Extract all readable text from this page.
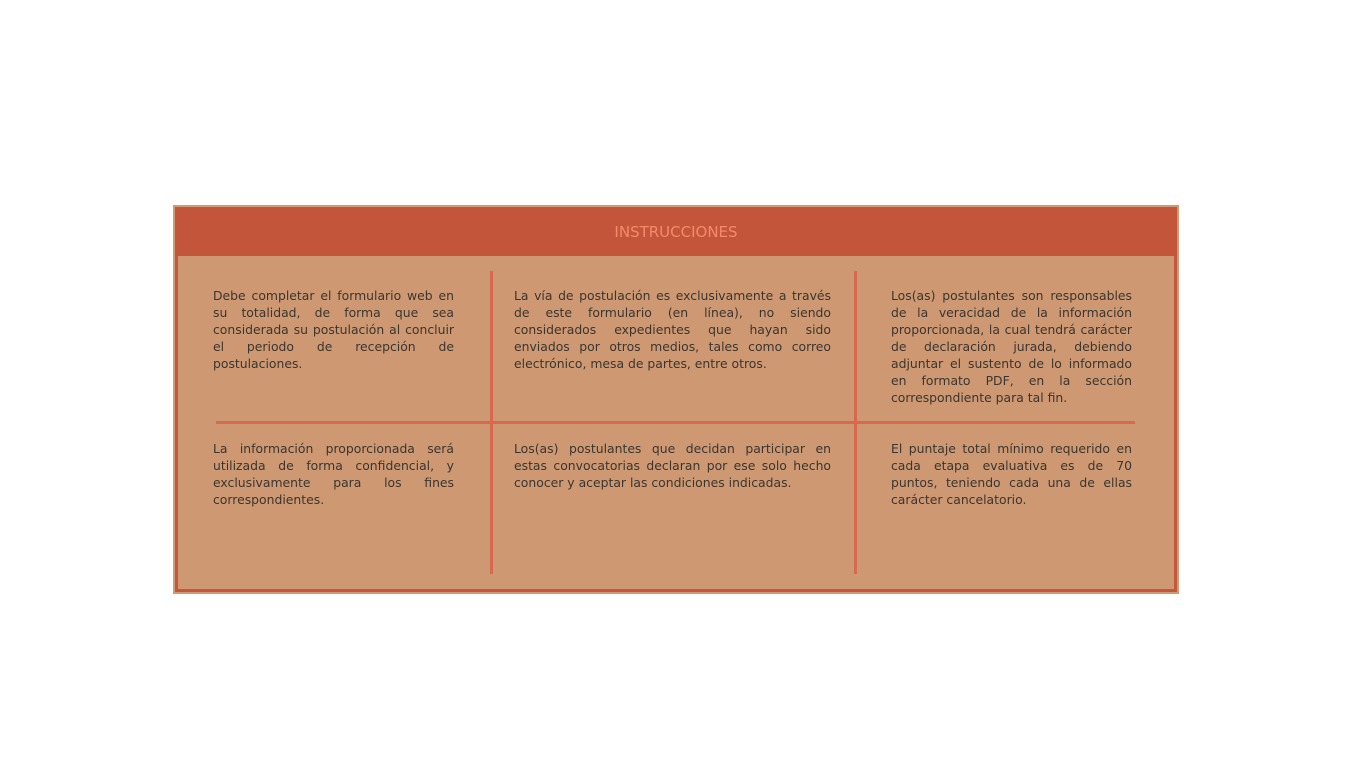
INSTRUCCIONES
Debe completar el formulario web en su totalidad, de forma que sea considerada su postulación al concluir el periodo de recepción de postulaciones.
La vía de postulación es exclusivamente a través de este formulario (en línea), no siendo considerados expedientes que hayan sido enviados por otros medios, tales como correo electrónico, mesa de partes, entre otros.
Los(as) postulantes son responsables de la veracidad de la información proporcionada, la cual tendrá carácter de declaración jurada, debiendo adjuntar el sustento de lo informado en formato PDF, en la sección correspondiente para tal fin.
La información proporcionada será utilizada de forma confidencial, y exclusivamente para los fines correspondientes.
Los(as) postulantes que decidan participar en estas convocatorias declaran por ese solo hecho conocer y aceptar las condiciones indicadas.
El puntaje total mínimo requerido en cada etapa evaluativa es de 70 puntos, teniendo cada una de ellas carácter cancelatorio.
